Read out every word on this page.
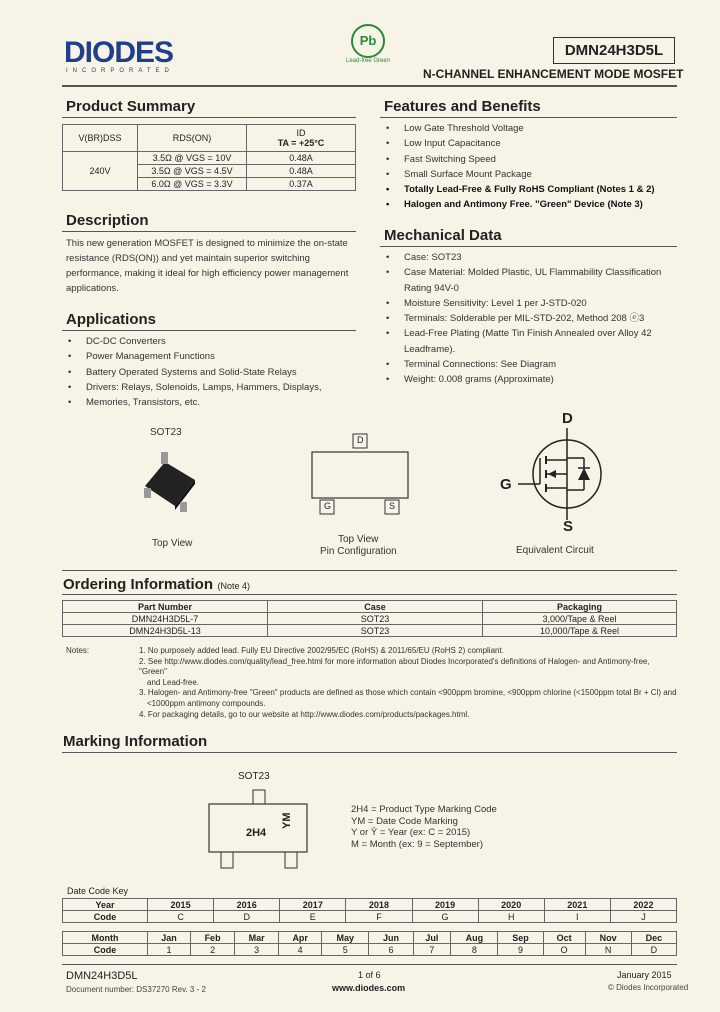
DIODES
INCORPORATED
Pb
Lead-free Green
DMN24H3D5L
N-CHANNEL ENHANCEMENT MODE MOSFET
Product Summary
V(BR)DSS	RDS(ON)	ID
TA = +25°C

240V	3.5Ω @ VGS = 10V	0.48A
	3.5Ω @ VGS = 4.5V	0.48A
	6.0Ω @ VGS = 3.3V	0.37A
Description
This new generation MOSFET is designed to minimize the on-state
resistance (RDS(ON)) and yet maintain superior switching
performance, making it ideal for high efficiency power management
applications.
Applications
• DC-DC Converters
• Power Management Functions
• Battery Operated Systems and Solid-State Relays
• Drivers: Relays, Solenoids, Lamps, Hammers, Displays,
• Memories, Transistors, etc.
Features and Benefits
• Low Gate Threshold Voltage
• Low Input Capacitance
• Fast Switching Speed
• Small Surface Mount Package
• Totally Lead-Free & Fully RoHS Compliant (Notes 1 & 2)
• Halogen and Antimony Free. "Green" Device (Note 3)
Mechanical Data
• Case: SOT23
• Case Material: Molded Plastic, UL Flammability Classification Rating 94V-0
• Moisture Sensitivity: Level 1 per J-STD-020
• Terminals: Solderable per MIL-STD-202, Method 208 ⓔ3
• Lead-Free Plating (Matte Tin Finish Annealed over Alloy 42 Leadframe).
• Terminal Connections: See Diagram
• Weight: 0.008 grams (Approximate)
SOT23
Top View
D
G	S
Top View
Pin Configuration
D
G
S
Equivalent Circuit
Ordering Information (Note 4)
Part Number	Case	Packaging
DMN24H3D5L-7	SOT23	3,000/Tape & Reel
DMN24H3D5L-13	SOT23	10,000/Tape & Reel
Notes:	1. No purposely added lead. Fully EU Directive 2002/95/EC (RoHS) & 2011/65/EU (RoHS 2) compliant.
2. See http://www.diodes.com/quality/lead_free.html for more information about Diodes Incorporated's definitions of Halogen- and Antimony-free, "Green"
and Lead-free.
3. Halogen- and Antimony-free "Green" products are defined as those which contain <900ppm bromine, <900ppm chlorine (<1500ppm total Br + Cl) and
<1000ppm antimony compounds.
4. For packaging details, go to our website at http://www.diodes.com/products/packages.html.
Marking Information
SOT23
2H4
YM
2H4 = Product Type Marking Code
YM = Date Code Marking
Y or Ȳ = Year (ex: C = 2015)
M = Month (ex: 9 = September)
Date Code Key
Year	2015	2016	2017	2018	2019	2020	2021	2022
Code	C	D	E	F	G	H	I	J
Month	Jan	Feb	Mar	Apr	May	Jun	Jul	Aug	Sep	Oct	Nov	Dec
Code	1	2	3	4	5	6	7	8	9	O	N	D
DMN24H3D5L
Document number: DS37270 Rev. 3 - 2
1 of 6
www.diodes.com
January 2015
© Diodes Incorporated
